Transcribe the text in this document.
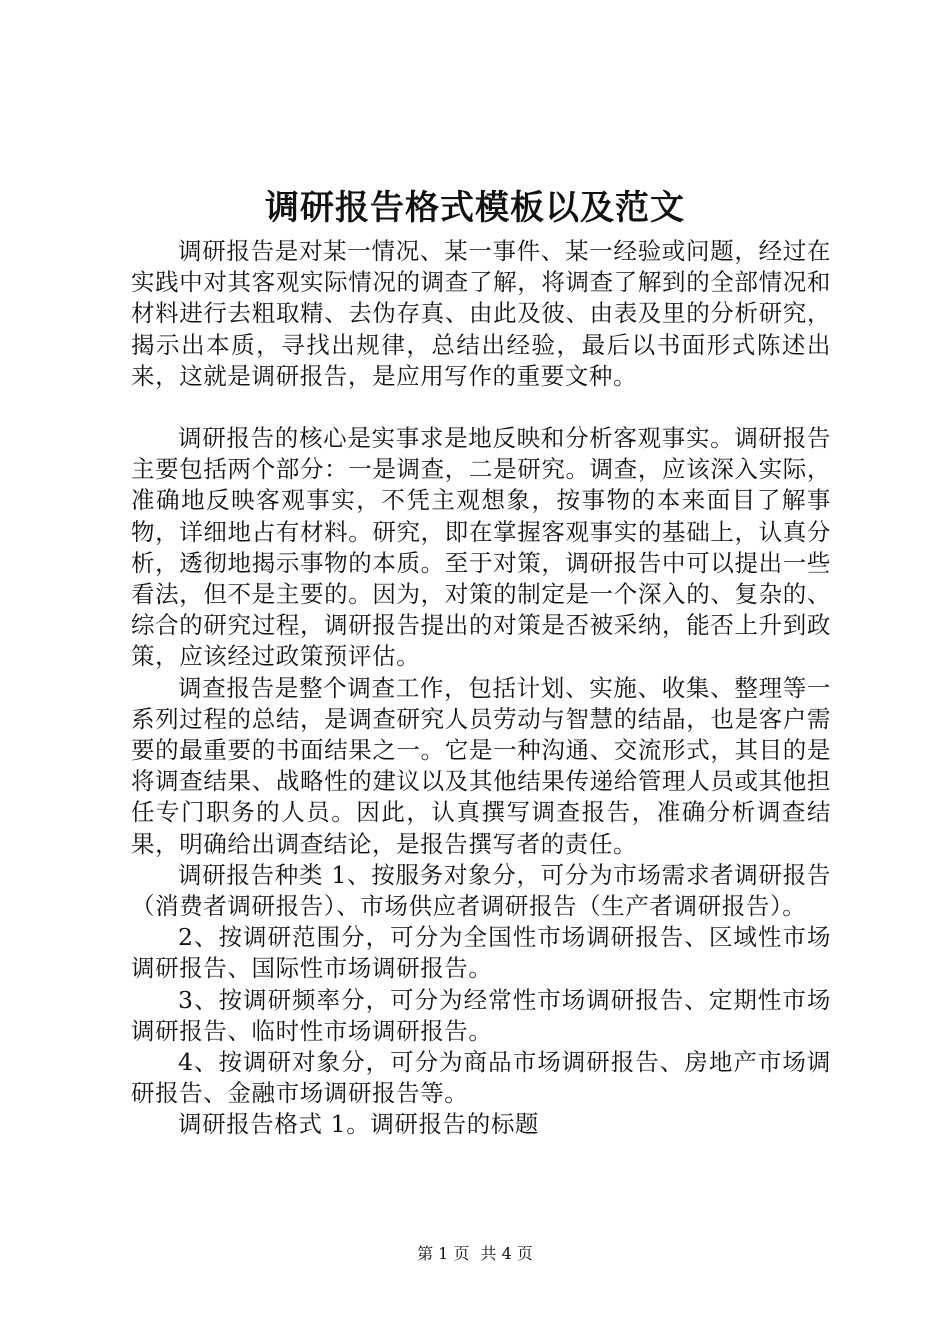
调研报告格式模板以及范文

调研报告是对某一情况、某一事件、某一经验或问题，经过在实践中对其客观实际情况的调查了解，将调查了解到的全部情况和材料进行去粗取精、去伪存真、由此及彼、由表及里的分析研究，揭示出本质，寻找出规律，总结出经验，最后以书面形式陈述出来，这就是调研报告，是应用写作的重要文种。

调研报告的核心是实事求是地反映和分析客观事实。调研报告主要包括两个部分：一是调查，二是研究。调查，应该深入实际，准确地反映客观事实，不凭主观想象，按事物的本来面目了解事物，详细地占有材料。研究，即在掌握客观事实的基础上，认真分析，透彻地揭示事物的本质。至于对策，调研报告中可以提出一些看法，但不是主要的。因为，对策的制定是一个深入的、复杂的、综合的研究过程，调研报告提出的对策是否被采纳，能否上升到政策，应该经过政策预评估。

调查报告是整个调查工作，包括计划、实施、收集、整理等一系列过程的总结，是调查研究人员劳动与智慧的结晶，也是客户需要的最重要的书面结果之一。它是一种沟通、交流形式，其目的是将调查结果、战略性的建议以及其他结果传递给管理人员或其他担任专门职务的人员。因此，认真撰写调查报告，准确分析调查结果，明确给出调查结论，是报告撰写者的责任。

调研报告种类 1、按服务对象分，可分为市场需求者调研报告（消费者调研报告）、市场供应者调研报告（生产者调研报告）。

2、按调研范围分，可分为全国性市场调研报告、区域性市场调研报告、国际性市场调研报告。

3、按调研频率分，可分为经常性市场调研报告、定期性市场调研报告、临时性市场调研报告。

4、按调研对象分，可分为商品市场调研报告、房地产市场调研报告、金融市场调研报告等。

调研报告格式 1。调研报告的标题

第 1 页 共 4 页
